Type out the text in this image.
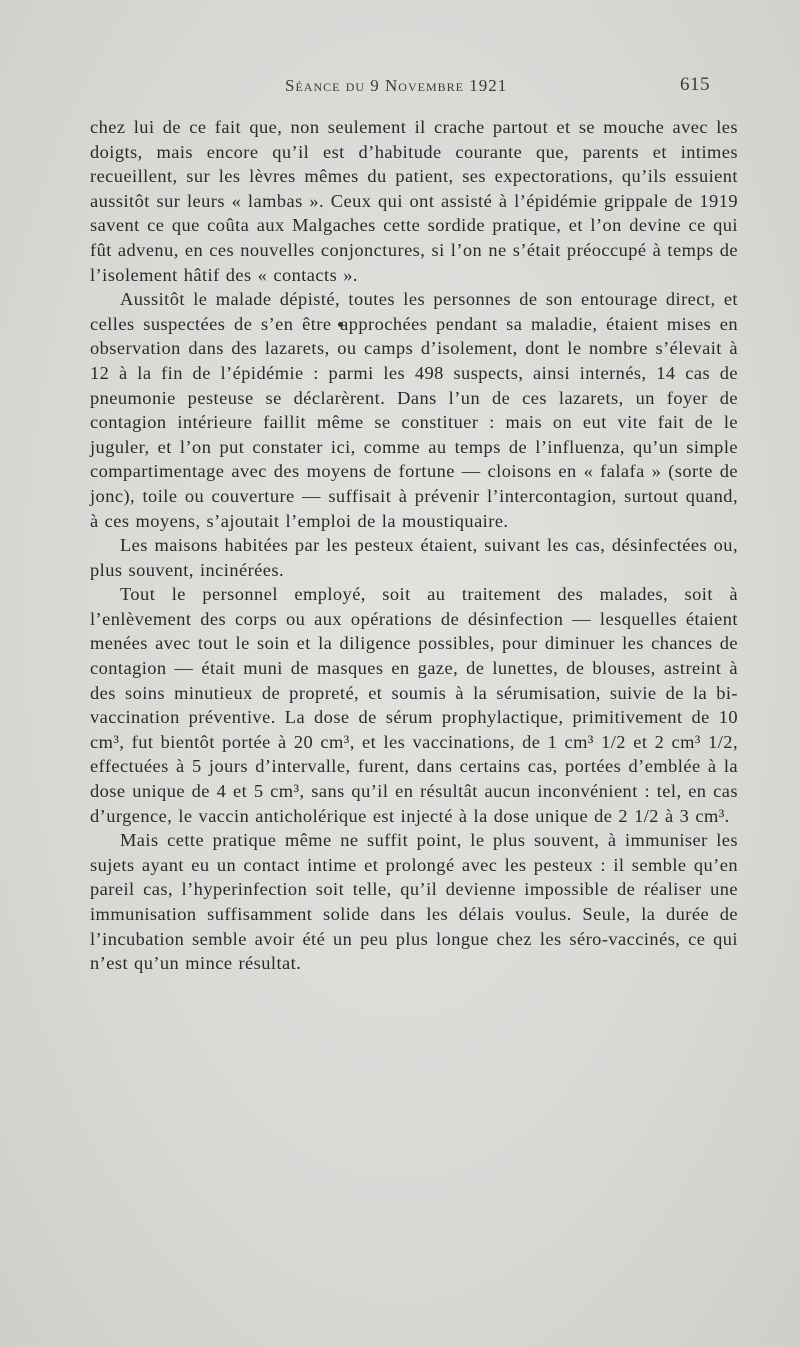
Séance du 9 Novembre 1921	615

chez lui de ce fait que, non seulement il crache partout et se mouche avec les doigts, mais encore qu’il est d’habitude courante que, parents et intimes recueillent, sur les lèvres mêmes du patient, ses expectorations, qu’ils essuient aussitôt sur leurs « lambas ». Ceux qui ont assisté à l’épidémie grippale de 1919 savent ce que coûta aux Malgaches cette sordide pratique, et l’on devine ce qui fût advenu, en ces nouvelles conjonctures, si l’on ne s’était préoccupé à temps de l’isolement hâtif des « contacts ».

Aussitôt le malade dépisté, toutes les personnes de son entourage direct, et celles suspectées de s’en être approchées pendant sa maladie, étaient mises en observation dans des lazarets, ou camps d’isolement, dont le nombre s’élevait à 12 à la fin de l’épidémie : parmi les 498 suspects, ainsi internés, 14 cas de pneumonie pesteuse se déclarèrent. Dans l’un de ces lazarets, un foyer de contagion intérieure faillit même se constituer : mais on eut vite fait de le juguler, et l’on put constater ici, comme au temps de l’influenza, qu’un simple compartimentage avec des moyens de fortune — cloisons en « falafa » (sorte de jonc), toile ou couverture — suffisait à prévenir l’intercontagion, surtout quand, à ces moyens, s’ajoutait l’emploi de la moustiquaire.

Les maisons habitées par les pesteux étaient, suivant les cas, désinfectées ou, plus souvent, incinérées.

Tout le personnel employé, soit au traitement des malades, soit à l’enlèvement des corps ou aux opérations de désinfection — lesquelles étaient menées avec tout le soin et la diligence possibles, pour diminuer les chances de contagion — était muni de masques en gaze, de lunettes, de blouses, astreint à des soins minutieux de propreté, et soumis à la sérumisation, suivie de la bi-vaccination préventive. La dose de sérum prophylactique, primitivement de 10 cm³, fut bientôt portée à 20 cm³, et les vaccinations, de 1 cm³ 1/2 et 2 cm³ 1/2, effectuées à 5 jours d’intervalle, furent, dans certains cas, portées d’emblée à la dose unique de 4 et 5 cm³, sans qu’il en résultât aucun inconvénient : tel, en cas d’urgence, le vaccin anticholérique est injecté à la dose unique de 2 1/2 à 3 cm³.

Mais cette pratique même ne suffit point, le plus souvent, à immuniser les sujets ayant eu un contact intime et prolongé avec les pesteux : il semble qu’en pareil cas, l’hyperinfection soit telle, qu’il devienne impossible de réaliser une immunisation suffisamment solide dans les délais voulus. Seule, la durée de l’incubation semble avoir été un peu plus longue chez les séro-vaccinés, ce qui n’est qu’un mince résultat.
